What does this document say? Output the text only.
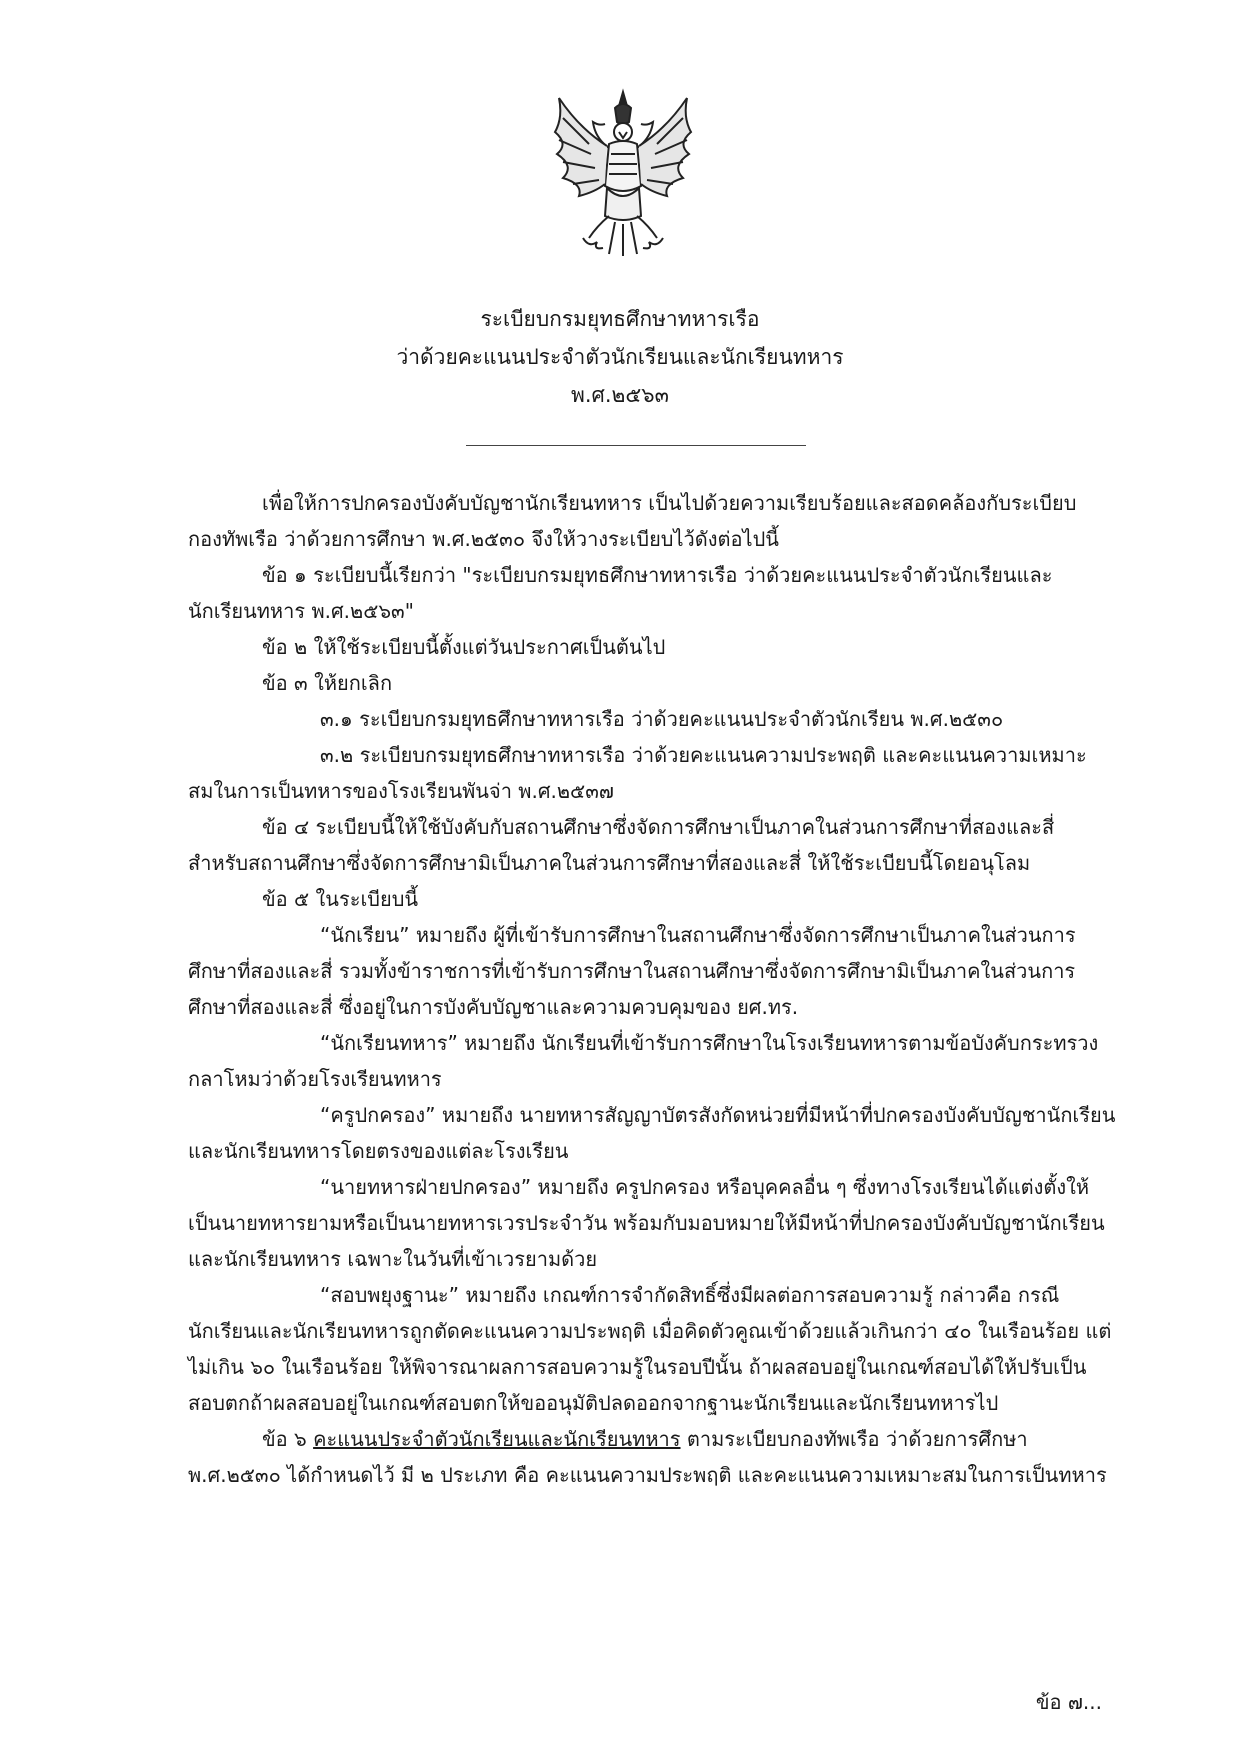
ระเบียบกรมยุทธศึกษาทหารเรือ

ว่าด้วยคะแนนประจำตัวนักเรียนและนักเรียนทหาร

พ.ศ.๒๕๖๓

เพื่อให้การปกครองบังคับบัญชานักเรียนทหาร เป็นไปด้วยความเรียบร้อยและสอดคล้องกับระเบียบกองทัพเรือ ว่าด้วยการศึกษา พ.ศ.๒๕๓๐ จึงให้วางระเบียบไว้ดังต่อไปนี้

ข้อ ๑ ระเบียบนี้เรียกว่า "ระเบียบกรมยุทธศึกษาทหารเรือ ว่าด้วยคะแนนประจำตัวนักเรียนและนักเรียนทหาร พ.ศ.๒๕๖๓"

ข้อ ๒ ให้ใช้ระเบียบนี้ตั้งแต่วันประกาศเป็นต้นไป

ข้อ ๓ ให้ยกเลิก

๓.๑ ระเบียบกรมยุทธศึกษาทหารเรือ ว่าด้วยคะแนนประจำตัวนักเรียน พ.ศ.๒๕๓๐

๓.๒ ระเบียบกรมยุทธศึกษาทหารเรือ ว่าด้วยคะแนนความประพฤติ และคะแนนความเหมาะสมในการเป็นทหารของโรงเรียนพันจ่า พ.ศ.๒๕๓๗

ข้อ ๔ ระเบียบนี้ให้ใช้บังคับกับสถานศึกษาซึ่งจัดการศึกษาเป็นภาคในส่วนการศึกษาที่สองและสี่ สำหรับสถานศึกษาซึ่งจัดการศึกษามิเป็นภาคในส่วนการศึกษาที่สองและสี่ ให้ใช้ระเบียบนี้โดยอนุโลม

ข้อ ๕ ในระเบียบนี้

“นักเรียน” หมายถึง ผู้ที่เข้ารับการศึกษาในสถานศึกษาซึ่งจัดการศึกษาเป็นภาคในส่วนการศึกษาที่สองและสี่ รวมทั้งข้าราชการที่เข้ารับการศึกษาในสถานศึกษาซึ่งจัดการศึกษามิเป็นภาคในส่วนการศึกษาที่สองและสี่ ซึ่งอยู่ในการบังคับบัญชาและความควบคุมของ ยศ.ทร.

“นักเรียนทหาร” หมายถึง นักเรียนที่เข้ารับการศึกษาในโรงเรียนทหารตามข้อบังคับกระทรวงกลาโหมว่าด้วยโรงเรียนทหาร

“ครูปกครอง” หมายถึง นายทหารสัญญาบัตรสังกัดหน่วยที่มีหน้าที่ปกครองบังคับบัญชานักเรียนและนักเรียนทหารโดยตรงของแต่ละโรงเรียน

“นายทหารฝ่ายปกครอง” หมายถึง ครูปกครอง หรือบุคคลอื่น ๆ ซึ่งทางโรงเรียนได้แต่งตั้งให้เป็นนายทหารยามหรือเป็นนายทหารเวรประจำวัน พร้อมกับมอบหมายให้มีหน้าที่ปกครองบังคับบัญชานักเรียนและนักเรียนทหาร เฉพาะในวันที่เข้าเวรยามด้วย

“สอบพยุงฐานะ” หมายถึง เกณฑ์การจำกัดสิทธิ์ซึ่งมีผลต่อการสอบความรู้ กล่าวคือ กรณีนักเรียนและนักเรียนทหารถูกตัดคะแนนความประพฤติ เมื่อคิดตัวคูณเข้าด้วยแล้วเกินกว่า ๔๐ ในเรือนร้อย แต่ไม่เกิน ๖๐ ในเรือนร้อย ให้พิจารณาผลการสอบความรู้ในรอบปีนั้น ถ้าผลสอบอยู่ในเกณฑ์สอบได้ให้ปรับเป็นสอบตกถ้าผลสอบอยู่ในเกณฑ์สอบตกให้ขออนุมัติปลดออกจากฐานะนักเรียนและนักเรียนทหารไป

ข้อ ๖ คะแนนประจำตัวนักเรียนและนักเรียนทหาร ตามระเบียบกองทัพเรือ ว่าด้วยการศึกษา พ.ศ.๒๕๓๐ ได้กำหนดไว้ มี ๒ ประเภท คือ คะแนนความประพฤติ และคะแนนความเหมาะสมในการเป็นทหาร

ข้อ ๗...
